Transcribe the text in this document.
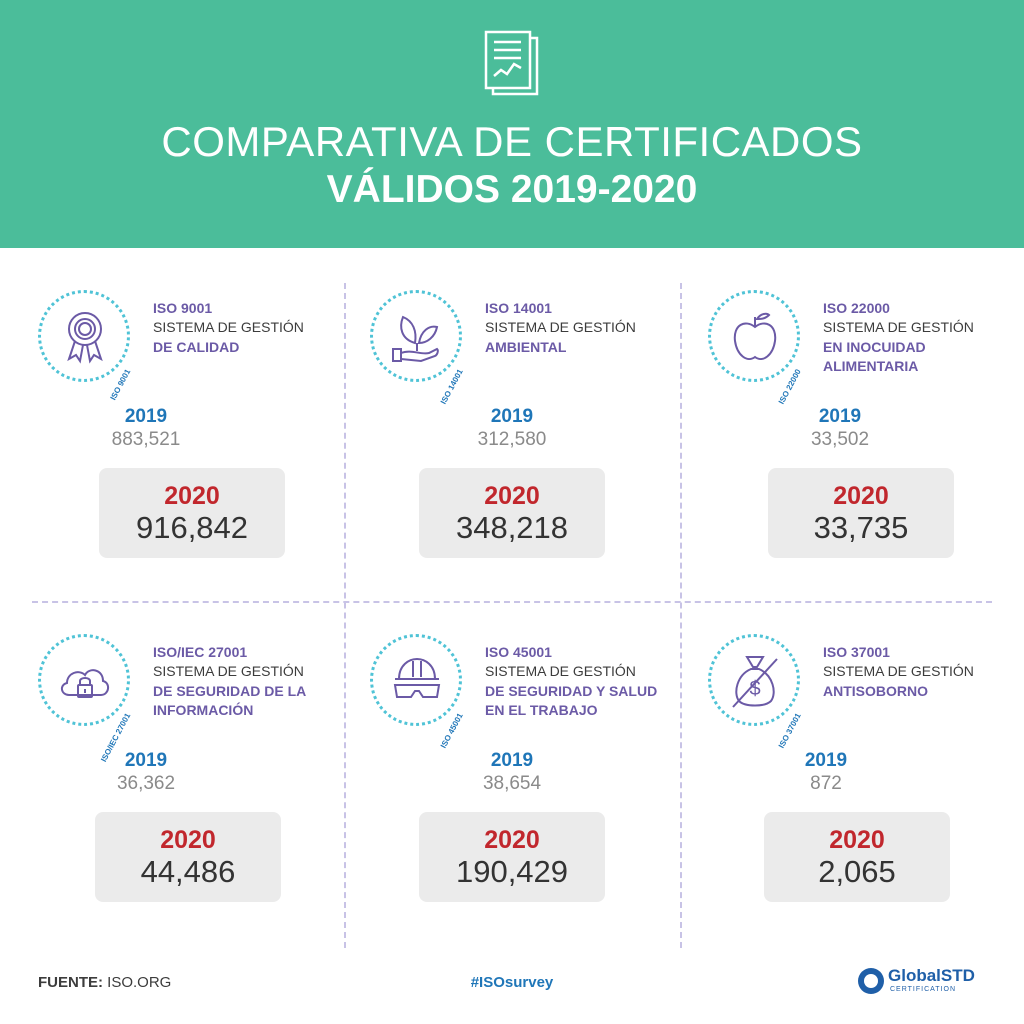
COMPARATIVA DE CERTIFICADOS
VÁLIDOS 2019-2020
ISO 9001
ISO 9001
SISTEMA DE GESTIÓN
DE CALIDAD
2019
883,521
2020
916,842
ISO 14001
ISO 14001
SISTEMA DE GESTIÓN
AMBIENTAL
2019
312,580
2020
348,218
ISO 22000
ISO 22000
SISTEMA DE GESTIÓN
EN INOCUIDAD ALIMENTARIA
2019
33,502
2020
33,735
ISO/IEC 27001
ISO/IEC 27001
SISTEMA DE GESTIÓN
DE SEGURIDAD DE LA INFORMACIÓN
2019
36,362
2020
44,486
ISO 45001
ISO 45001
SISTEMA DE GESTIÓN
DE SEGURIDAD Y SALUD EN EL TRABAJO
2019
38,654
2020
190,429
$
ISO 37001
ISO 37001
SISTEMA DE GESTIÓN
ANTISOBORNO
2019
872
2020
2,065
FUENTE: ISO.ORG	#ISOsurvey	GlobalSTD
CERTIFICATION
